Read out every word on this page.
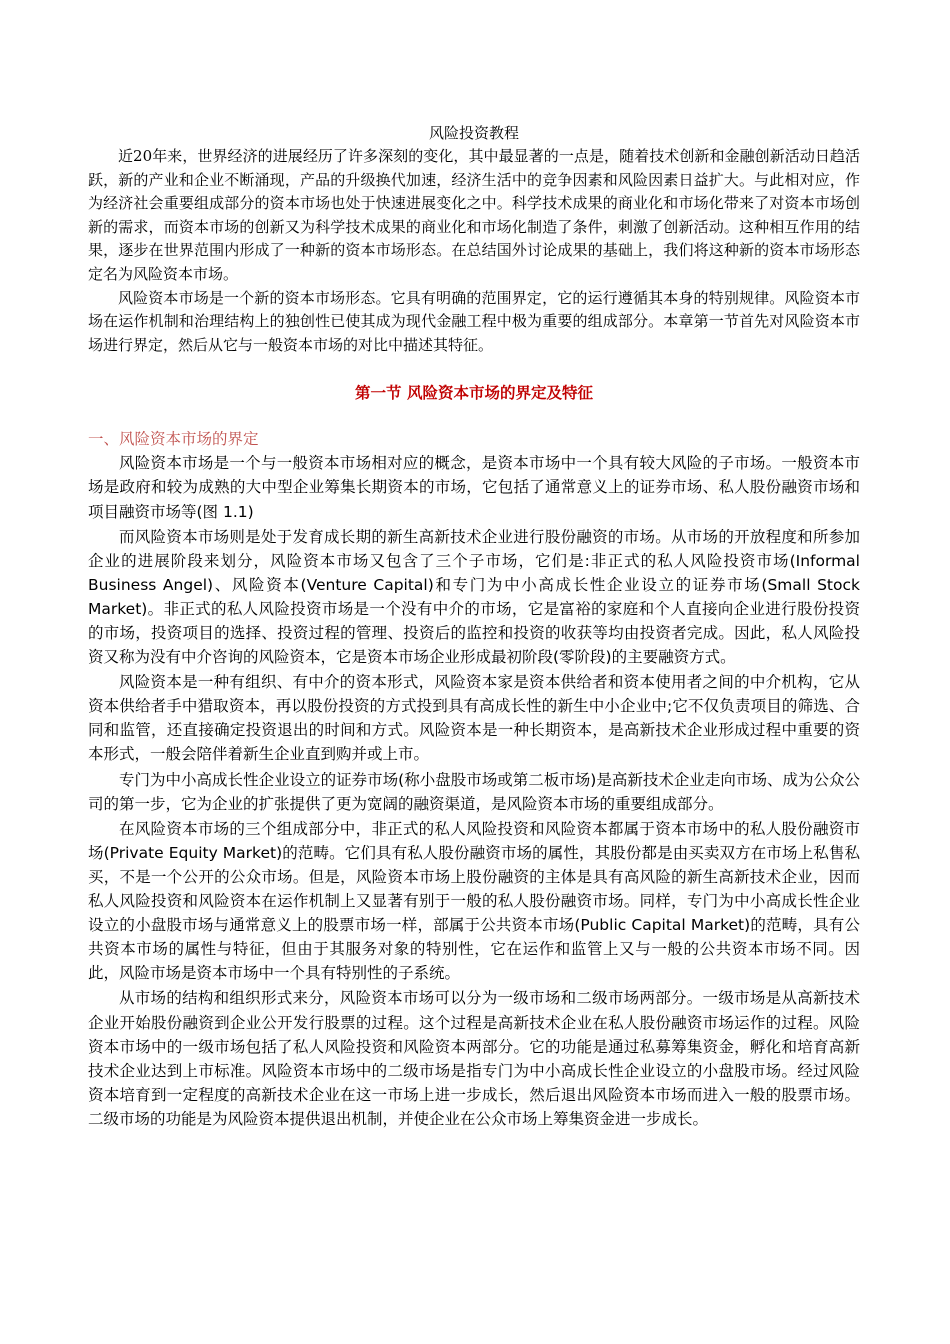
风险投资教程

近20年来，世界经济的进展经历了许多深刻的变化，其中最显著的一点是，随着技术创新和金融创新活动日趋活跃，新的产业和企业不断涌现，产品的升级换代加速，经济生活中的竞争因素和风险因素日益扩大。与此相对应，作为经济社会重要组成部分的资本市场也处于快速进展变化之中。科学技术成果的商业化和市场化带来了对资本市场创新的需求，而资本市场的创新又为科学技术成果的商业化和市场化制造了条件，刺激了创新活动。这种相互作用的结果，逐步在世界范围内形成了一种新的资本市场形态。在总结国外讨论成果的基础上，我们将这种新的资本市场形态定名为风险资本市场。

风险资本市场是一个新的资本市场形态。它具有明确的范围界定，它的运行遵循其本身的特别规律。风险资本市场在运作机制和治理结构上的独创性已使其成为现代金融工程中极为重要的组成部分。本章第一节首先对风险资本市场进行界定，然后从它与一般资本市场的对比中描述其特征。

第一节 风险资本市场的界定及特征

一、风险资本市场的界定

风险资本市场是一个与一般资本市场相对应的概念，是资本市场中一个具有较大风险的子市场。一般资本市场是政府和较为成熟的大中型企业筹集长期资本的市场，它包括了通常意义上的证券市场、私人股份融资市场和项目融资市场等(图 1.1)

而风险资本市场则是处于发育成长期的新生高新技术企业进行股份融资的市场。从市场的开放程度和所参加企业的进展阶段来划分，风险资本市场又包含了三个子市场，它们是:非正式的私人风险投资市场(Informal Business Angel)、风险资本(Venture Capital)和专门为中小高成长性企业设立的证券市场(Small Stock Market)。非正式的私人风险投资市场是一个没有中介的市场，它是富裕的家庭和个人直接向企业进行股份投资的市场，投资项目的选择、投资过程的管理、投资后的监控和投资的收获等均由投资者完成。因此，私人风险投资又称为没有中介咨询的风险资本，它是资本市场企业形成最初阶段(零阶段)的主要融资方式。

风险资本是一种有组织、有中介的资本形式，风险资本家是资本供给者和资本使用者之间的中介机构，它从资本供给者手中猎取资本，再以股份投资的方式投到具有高成长性的新生中小企业中;它不仅负责项目的筛选、合同和监管，还直接确定投资退出的时间和方式。风险资本是一种长期资本，是高新技术企业形成过程中重要的资本形式，一般会陪伴着新生企业直到购并或上市。

专门为中小高成长性企业设立的证券市场(称小盘股市场或第二板市场)是高新技术企业走向市场、成为公众公司的第一步，它为企业的扩张提供了更为宽阔的融资渠道，是风险资本市场的重要组成部分。

在风险资本市场的三个组成部分中，非正式的私人风险投资和风险资本都属于资本市场中的私人股份融资市场(Private Equity Market)的范畴。它们具有私人股份融资市场的属性，其股份都是由买卖双方在市场上私售私买，不是一个公开的公众市场。但是，风险资本市场上股份融资的主体是具有高风险的新生高新技术企业，因而私人风险投资和风险资本在运作机制上又显著有别于一般的私人股份融资市场。同样，专门为中小高成长性企业设立的小盘股市场与通常意义上的股票市场一样，部属于公共资本市场(Public Capital Market)的范畴，具有公共资本市场的属性与特征，但由于其服务对象的特别性，它在运作和监管上又与一般的公共资本市场不同。因此，风险市场是资本市场中一个具有特别性的子系统。

从市场的结构和组织形式来分，风险资本市场可以分为一级市场和二级市场两部分。一级市场是从高新技术企业开始股份融资到企业公开发行股票的过程。这个过程是高新技术企业在私人股份融资市场运作的过程。风险资本市场中的一级市场包括了私人风险投资和风险资本两部分。它的功能是通过私募筹集资金，孵化和培育高新技术企业达到上市标准。风险资本市场中的二级市场是指专门为中小高成长性企业设立的小盘股市场。经过风险资本培育到一定程度的高新技术企业在这一市场上进一步成长，然后退出风险资本市场而进入一般的股票市场。二级市场的功能是为风险资本提供退出机制，并使企业在公众市场上筹集资金进一步成长。
